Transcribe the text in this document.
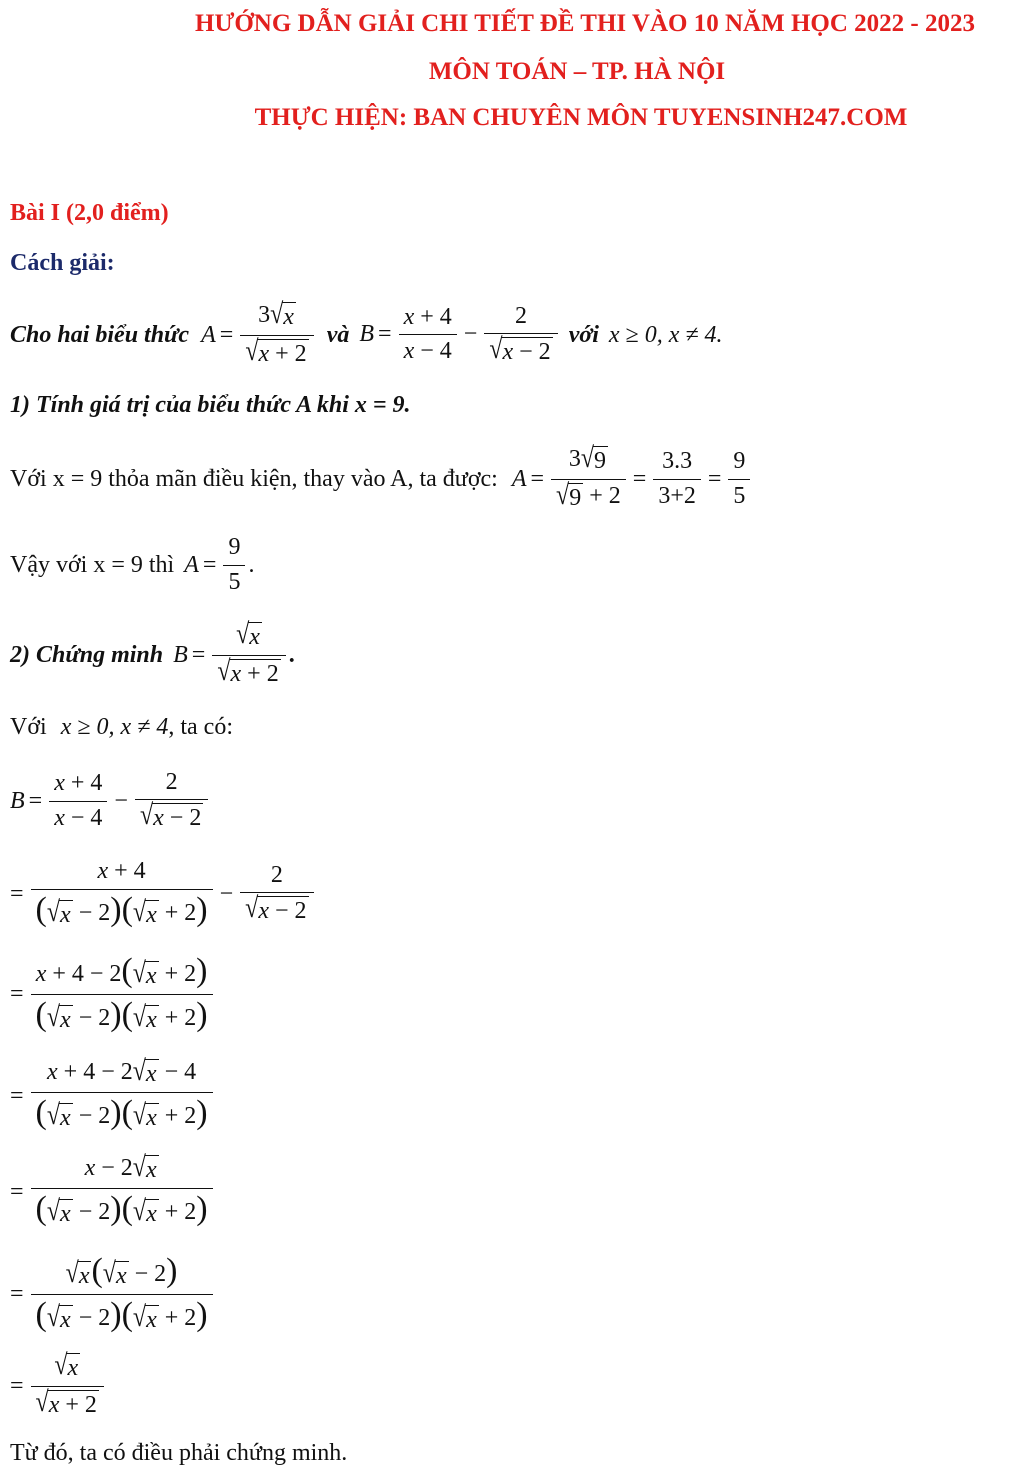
HƯỚNG DẪN GIẢI CHI TIẾT ĐỀ THI VÀO 10 NĂM HỌC 2022 - 2023
MÔN TOÁN – TP. HÀ NỘI
THỰC HIỆN: BAN CHUYÊN MÔN TUYENSINH247.COM
Bài I (2,0 điểm)
Cách giải:
Cho hai biểu thức $A = \frac{3 √ x}{√ x + 2}$ và $B = \frac{x + 4}{x - 4} - \frac{2}{√ x - 2}$ với x ≥ 0, x ≠ 4.
1) Tính giá trị của biểu thức A khi x = 9.
Với x = 9 thỏa mãn điều kiện, thay vào A, ta được: $A = \frac{3 √ 9}{√ 9 + 2} = \frac{3.3}{3+2} = \frac{9}{5}$
Vậy với x = 9 thì $A = \frac{9}{5}$ .
2) Chứng minh $B = \frac{√ x}{√ x + 2}$ .
Với x ≥ 0, x ≠ 4, ta có:
$B = \frac{x + 4}{x - 4} - \frac{2}{√ x - 2}$
= $\frac{x + 4}{( √ x - 2)( √ x + 2)} - \frac{2}{√ x - 2}$
= $\frac{x + 4 - 2( √ x + 2)}{( √ x - 2)( √ x + 2)}$
= $\frac{x + 4 - 2 √ x - 4}{( √ x - 2)( √ x + 2)}$
= $\frac{x - 2 √ x}{( √ x - 2)( √ x + 2)}$
= $\frac{√ x ( √ x - 2)}{( √ x - 2)( √ x + 2)}$
= $\frac{√ x}{√ x + 2}$
Từ đó, ta có điều phải chứng minh.
